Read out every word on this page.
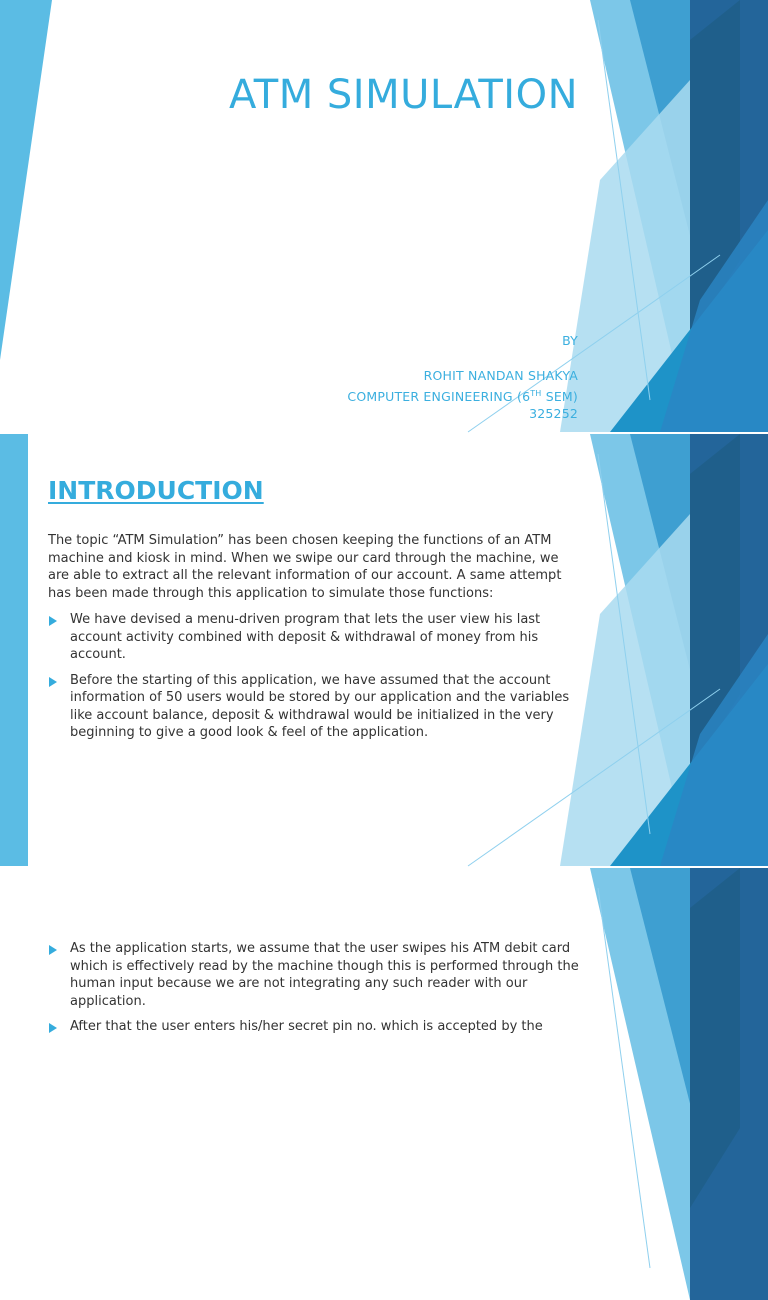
ATM SIMULATION
BY
ROHIT NANDAN SHAKYA
COMPUTER ENGINEERING (6TH SEM)
325252
INTRODUCTION

The topic “ATM Simulation” has been chosen keeping the functions of an ATM machine and kiosk in mind. When we swipe our card through the machine, we are able to extract all the relevant information of our account. A same attempt has been made through this application to simulate those functions:

We have devised a menu-driven program that lets the user view his last account activity combined with deposit & withdrawal of money from his account.
Before the starting of this application, we have assumed that the account information of 50 users would be stored by our application and the variables like account balance, deposit & withdrawal would be initialized in the very beginning to give a good look & feel of the application.
As the application starts, we assume that the user swipes his ATM debit card which is effectively read by the machine though this is performed through the human input because we are not integrating any such reader with our application.
After that the user enters his/her secret pin no. which is accepted by the
